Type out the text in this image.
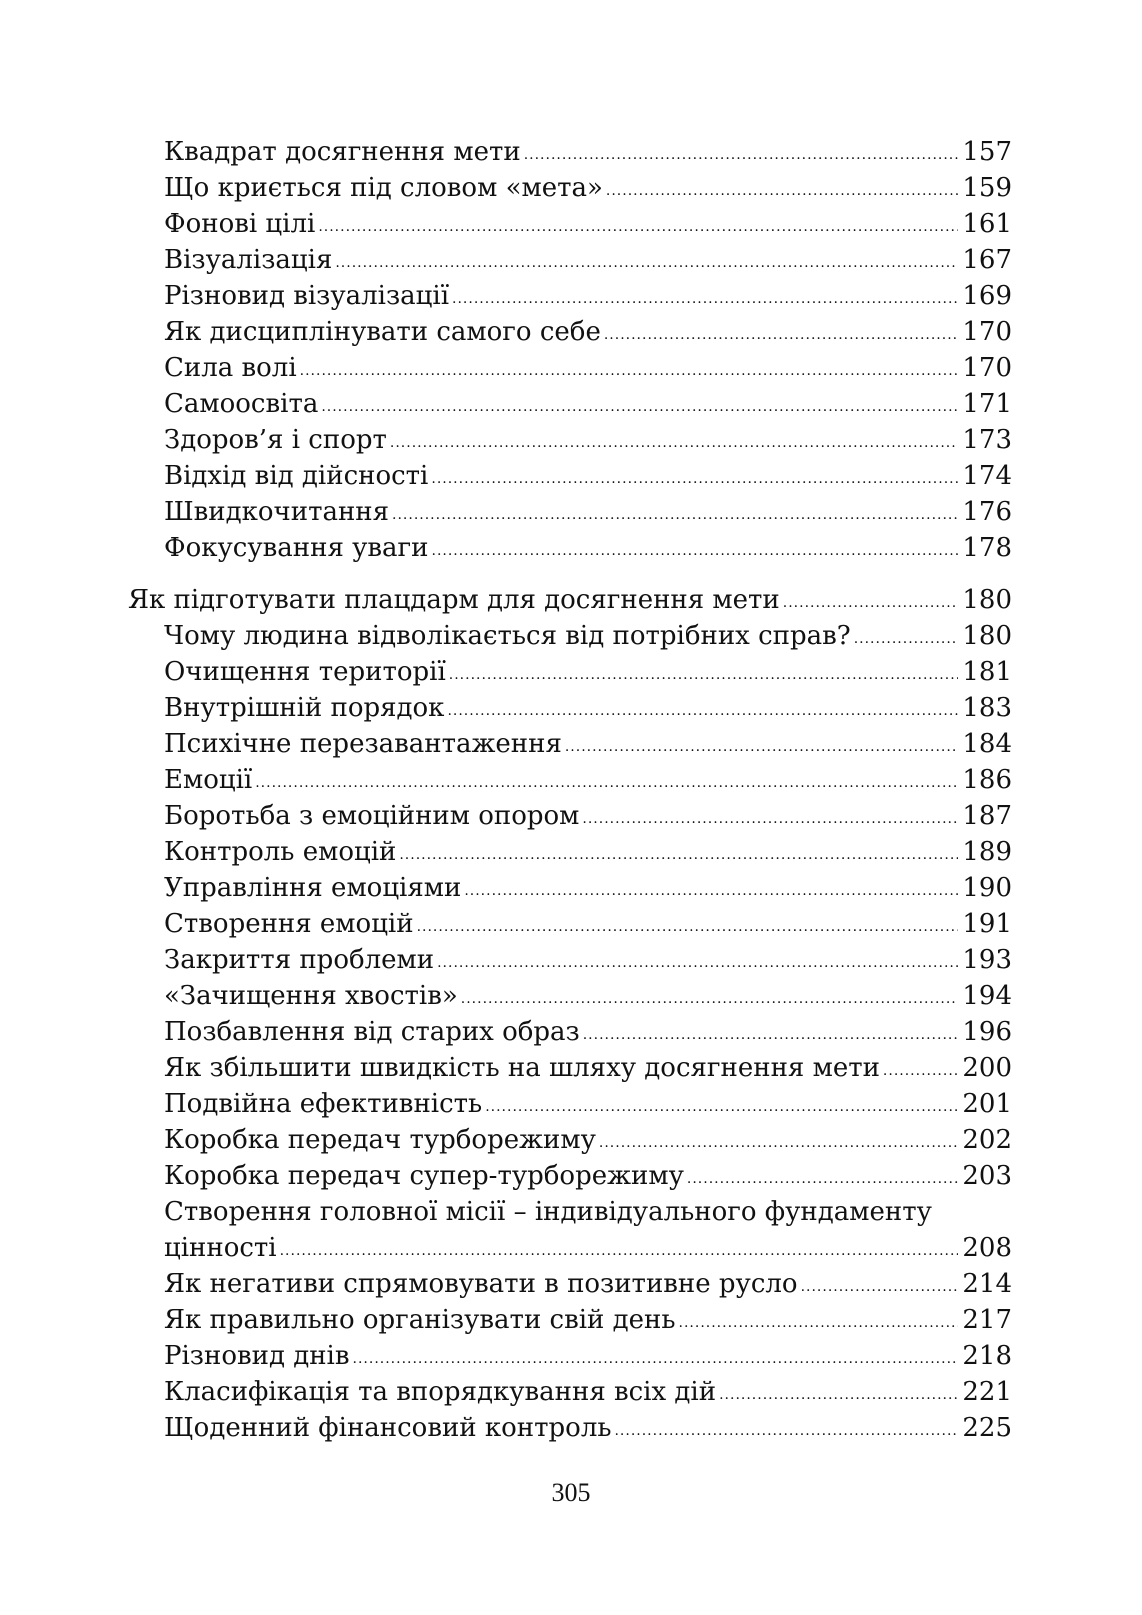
Квадрат досягнення мети .....	157
Що криється під словом «мета» .....	159
Фонові цілі .....	161
Візуалізація .....	167
Різновид візуалізації .....	169
Як дисциплінувати самого себе .....	170
Сила волі .....	170
Самоосвіта .....	171
Здоров’я і спорт .....	173
Відхід від дійсності .....	174
Швидкочитання .....	176
Фокусування уваги .....	178
Як підготувати плацдарм для досягнення мети .....	180
Чому людина відволікається від потрібних справ? .....	180
Очищення території .....	181
Внутрішній порядок .....	183
Психічне перезавантаження .....	184
Емоції .....	186
Боротьба з емоційним опором .....	187
Контроль емоцій .....	189
Управління емоціями .....	190
Створення емоцій .....	191
Закриття проблеми .....	193
«Зачищення хвостів» .....	194
Позбавлення від старих образ .....	196
Як збільшити швидкість на шляху досягнення мети .....	200
Подвійна ефективність .....	201
Коробка передач турборежиму .....	202
Коробка передач супер-турборежиму .....	203
Створення головної місії – індивідуального фундаменту
цінності .....	208
Як негативи спрямовувати в позитивне русло .....	214
Як правильно організувати свій день .....	217
Різновид днів .....	218
Класифікація та впорядкування всіх дій .....	221
Щоденний фінансовий контроль .....	225
305
